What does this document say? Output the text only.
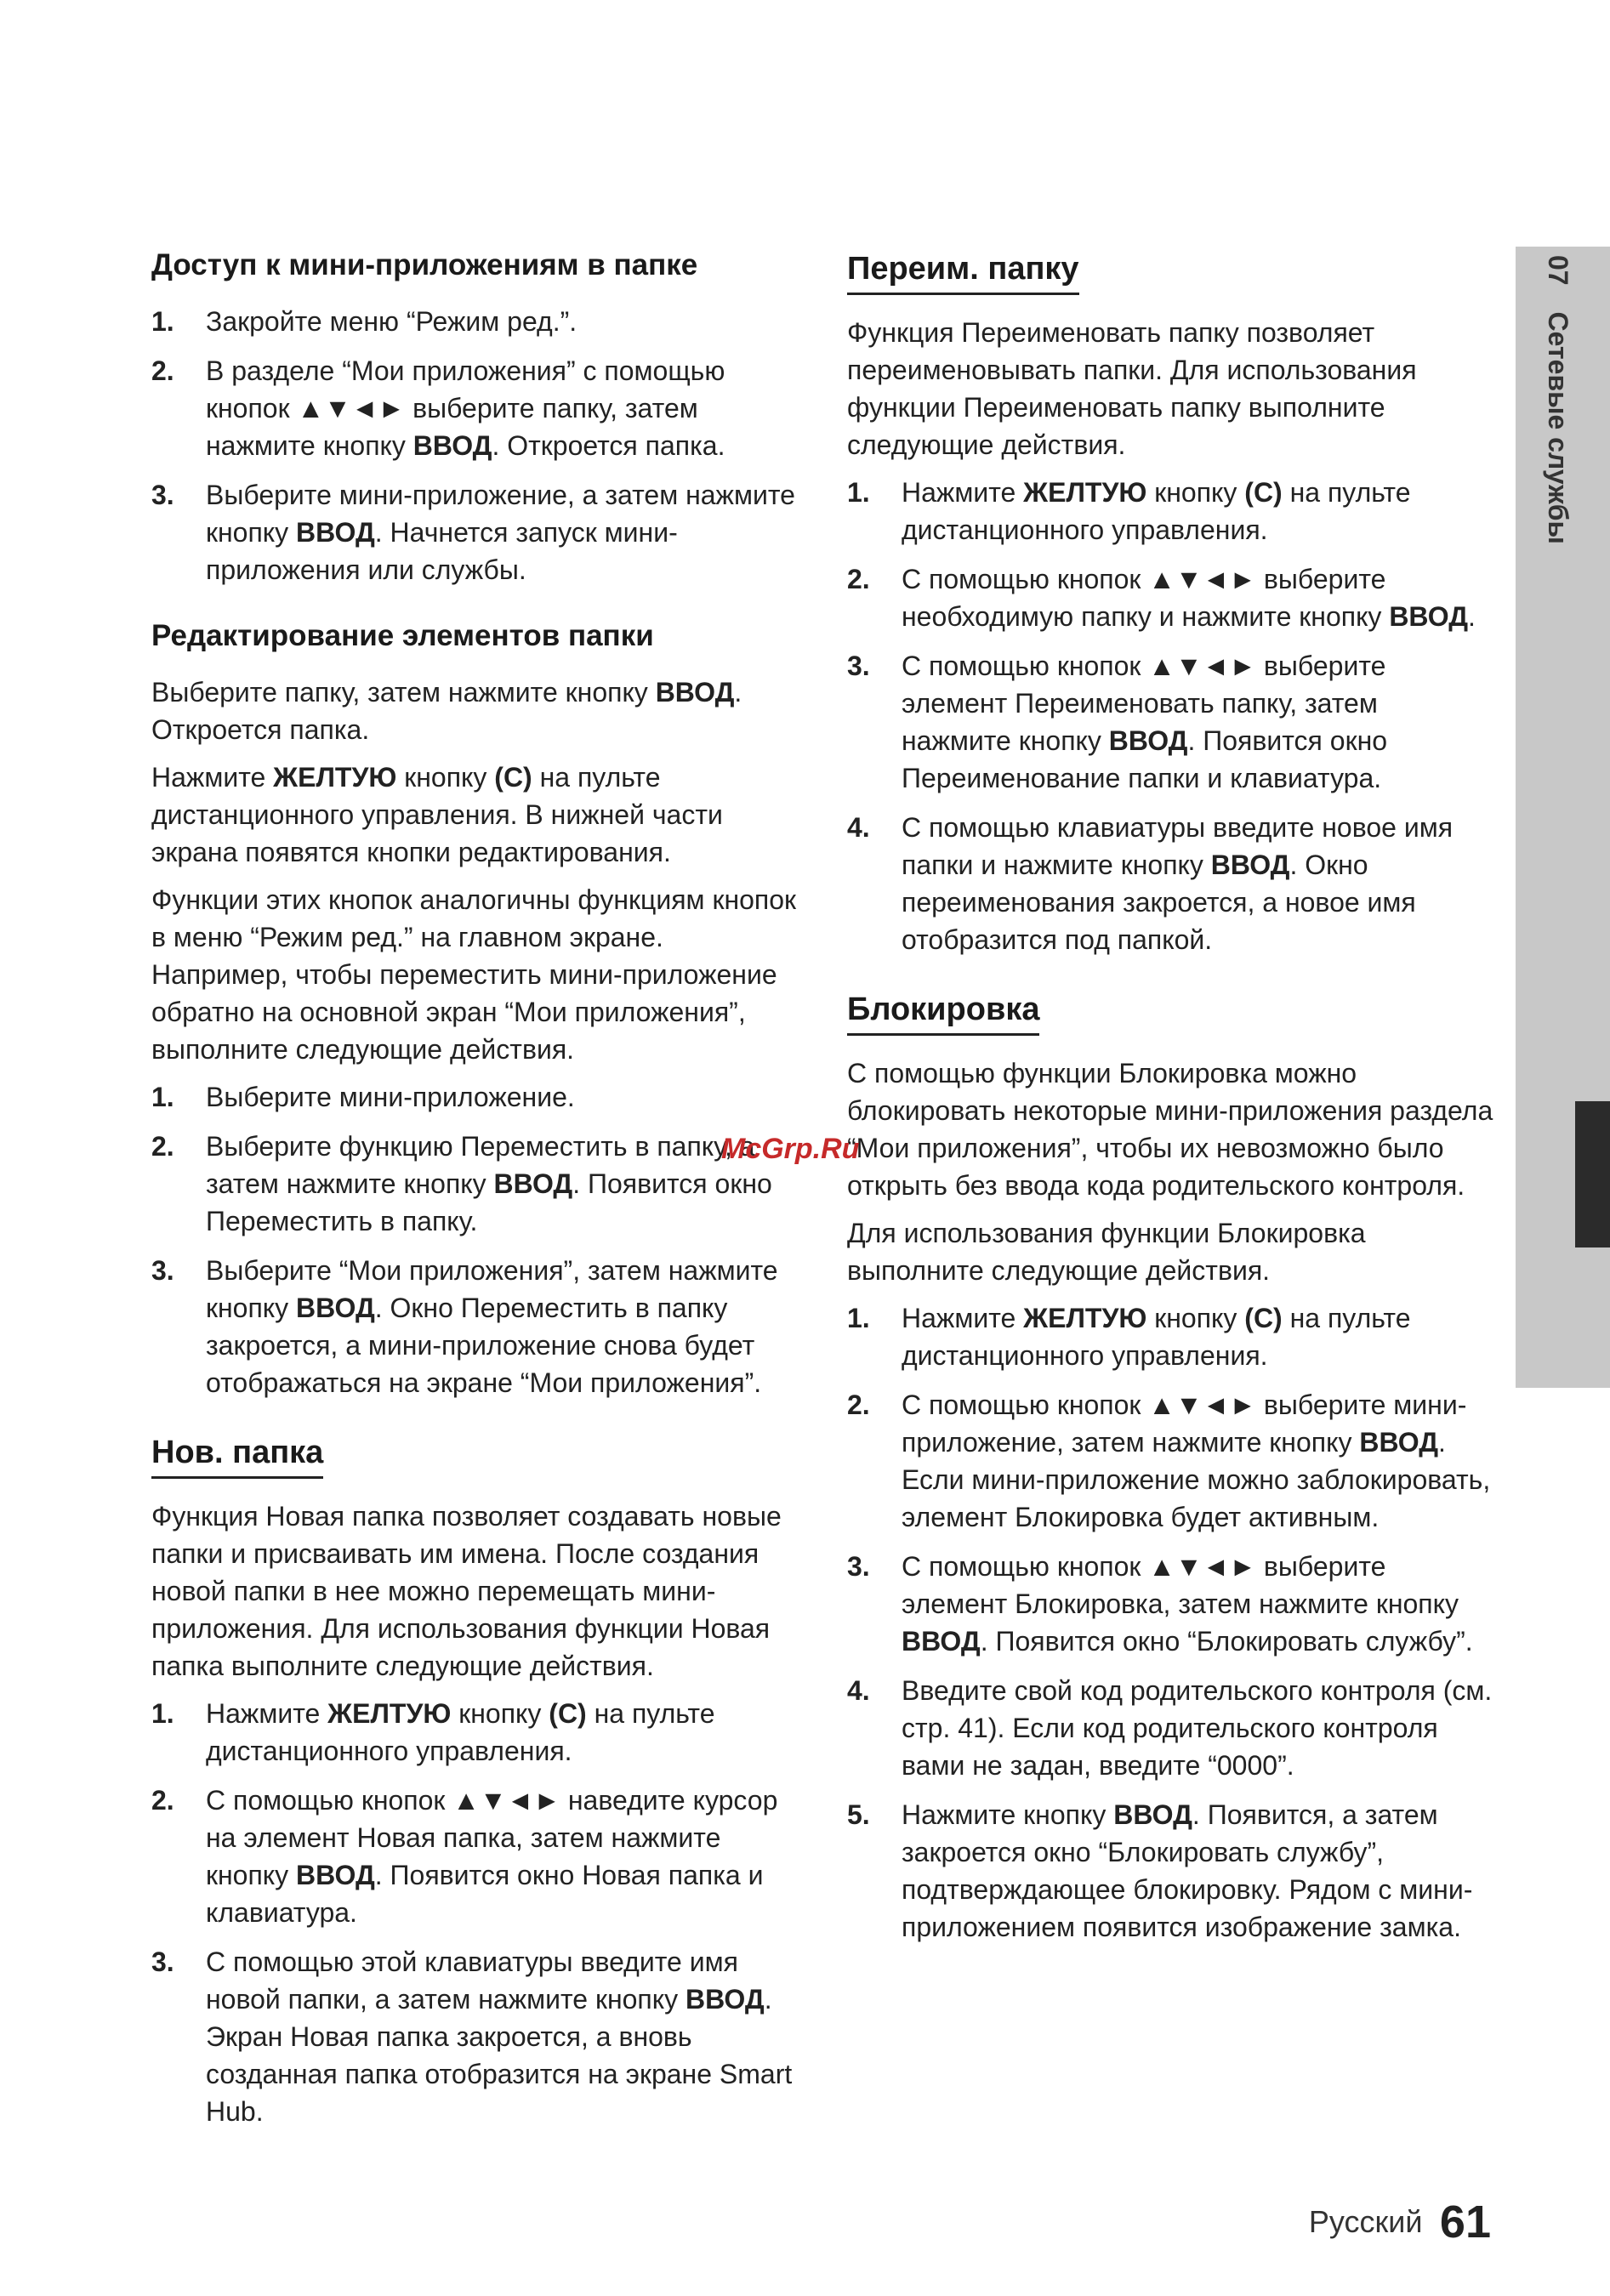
Доступ к мини-приложениям в папке
1. Закройте меню “Режим ред.”.
2. В разделе “Мои приложения” с помощью кнопок ▲▼◄► выберите папку, затем нажмите кнопку ВВОД. Откроется папка.
3. Выберите мини-приложение, а затем нажмите кнопку ВВОД. Начнется запуск мини-приложения или службы.
Редактирование элементов папки

Выберите папку, затем нажмите кнопку ВВОД. Откроется папка.

Нажмите ЖЕЛТУЮ кнопку (C) на пульте дистанционного управления. В нижней части экрана появятся кнопки редактирования.

Функции этих кнопок аналогичны функциям кнопок в меню “Режим ред.” на главном экране. Например, чтобы переместить мини-приложение обратно на основной экран “Мои приложения”, выполните следующие действия.

1. Выберите мини-приложение.
2. Выберите функцию Переместить в папку, а затем нажмите кнопку ВВОД. Появится окно Переместить в папку.
3. Выберите “Мои приложения”, затем нажмите кнопку ВВОД. Окно Переместить в папку закроется, а мини-приложение снова будет отображаться на экране “Мои приложения”.
Нов. папка

Функция Новая папка позволяет создавать новые папки и присваивать им имена. После создания новой папки в нее можно перемещать мини-приложения. Для использования функции Новая папка выполните следующие действия.

1. Нажмите ЖЕЛТУЮ кнопку (C) на пульте дистанционного управления.
2. С помощью кнопок ▲▼◄► наведите курсор на элемент Новая папка, затем нажмите кнопку ВВОД. Появится окно Новая папка и клавиатура.
3. С помощью этой клавиатуры введите имя новой папки, а затем нажмите кнопку ВВОД. Экран Новая папка закроется, а вновь созданная папка отобразится на экране Smart Hub.
Переим. папку

Функция Переименовать папку позволяет переименовывать папки. Для использования функции Переименовать папку выполните следующие действия.

1. Нажмите ЖЕЛТУЮ кнопку (C) на пульте дистанционного управления.
2. С помощью кнопок ▲▼◄► выберите необходимую папку и нажмите кнопку ВВОД.
3. С помощью кнопок ▲▼◄► выберите элемент Переименовать папку, затем нажмите кнопку ВВОД. Появится окно Переименование папки и клавиатура.
4. С помощью клавиатуры введите новое имя папки и нажмите кнопку ВВОД. Окно переименования закроется, а новое имя отобразится под папкой.
Блокировка

С помощью функции Блокировка можно блокировать некоторые мини-приложения раздела “Мои приложения”, чтобы их невозможно было открыть без ввода кода родительского контроля.

Для использования функции Блокировка выполните следующие действия.

1. Нажмите ЖЕЛТУЮ кнопку (C) на пульте дистанционного управления.
2. С помощью кнопок ▲▼◄► выберите мини-приложение, затем нажмите кнопку ВВОД. Если мини-приложение можно заблокировать, элемент Блокировка будет активным.
3. С помощью кнопок ▲▼◄► выберите элемент Блокировка, затем нажмите кнопку ВВОД. Появится окно “Блокировать службу”.
4. Введите свой код родительского контроля (см. стр. 41). Если код родительского контроля вами не задан, введите “0000”.
5. Нажмите кнопку ВВОД. Появится, а затем закроется окно “Блокировать службу”, подтверждающее блокировку. Рядом с мини-приложением появится изображение замка.
07 Сетевые службы
McGrp.Ru
Русский 61
